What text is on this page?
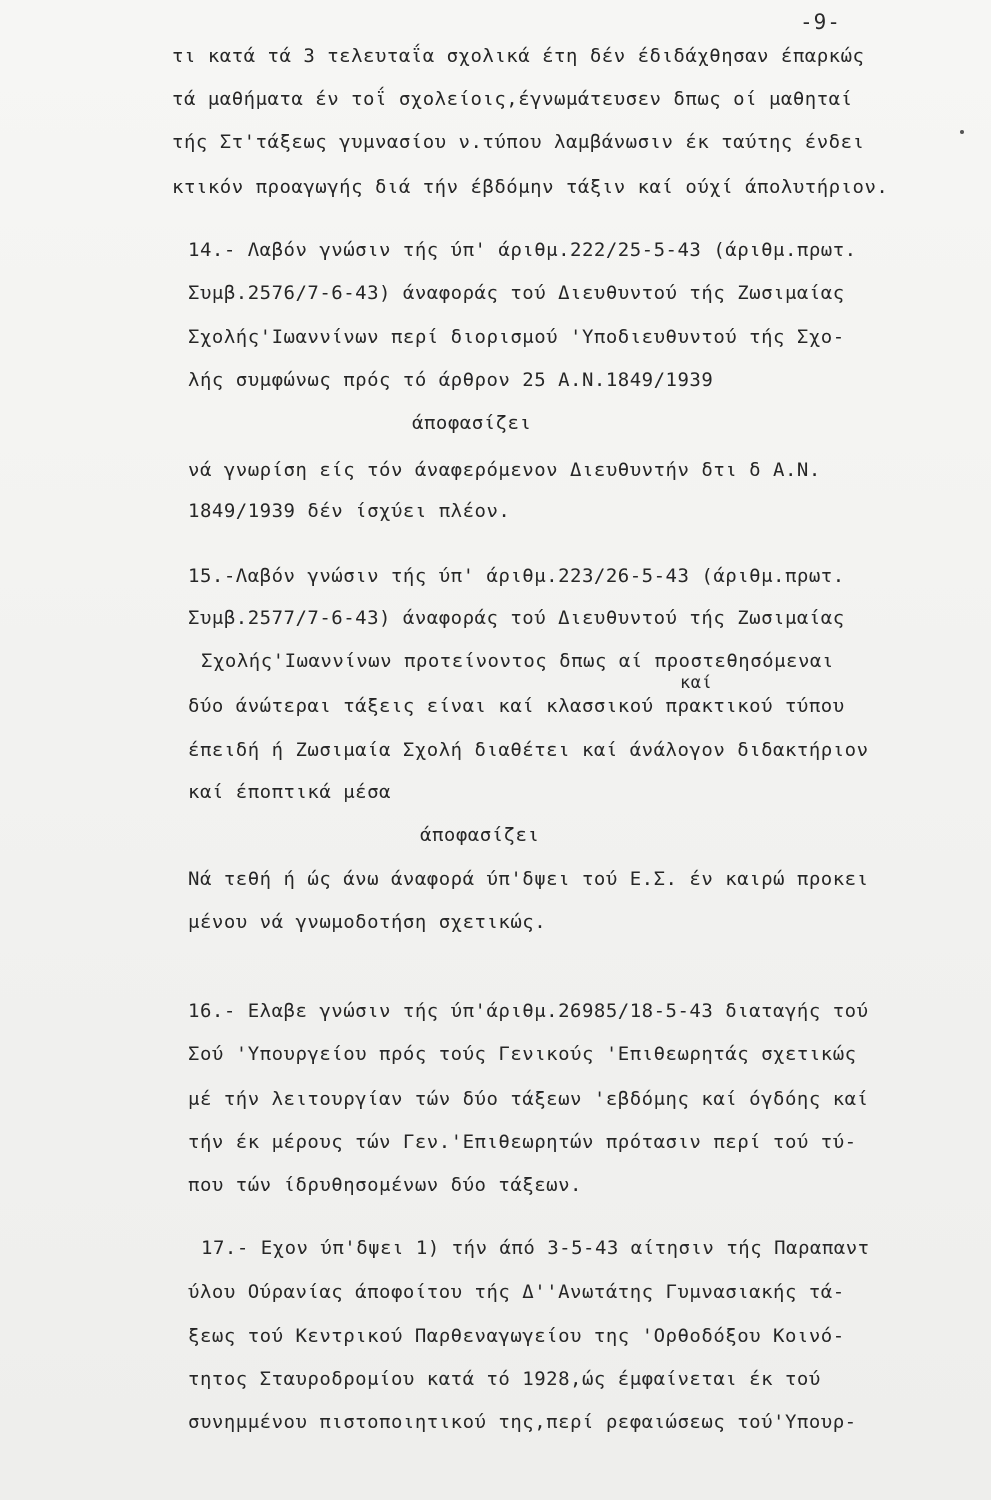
-9-
τι κατά τά 3 τελευταΐα σχολικά έτη δέν έδιδάχθησαν έπαρκώς
τά μαθήματα έν τοΐ σχολείοις,έγνωμάτευσεν δπως οί μαθηταί
τής Στ'τάξεως γυμνασίου ν.τύπου λαμβάνωσιν έκ ταύτης ένδει
κτικόν προαγωγής διά τήν έβδόμην τάξιν καί ούχί άπολυτήριον.
14.- Λαβόν γνώσιν τής ύπ' άριθμ.222/25-5-43 (άριθμ.πρωτ.
Συμβ.2576/7-6-43) άναφοράς τού Διευθυντού τής Ζωσιμαίας
Σχολής'Ιωαννίνων περί διορισμού 'Υποδιευθυντού τής Σχο-
λής συμφώνως πρός τό άρθρον 25 Α.Ν.1849/1939
άποφασίζει
νά γνωρίση είς τόν άναφερόμενον Διευθυντήν δτι δ Α.Ν.
1849/1939 δέν ίσχύει πλέον.
15.-Λαβόν γνώσιν τής ύπ' άριθμ.223/26-5-43 (άριθμ.πρωτ.
Συμβ.2577/7-6-43) άναφοράς τού Διευθυντού τής Ζωσιμαίας
Σχολής'Ιωαννίνων προτείνοντος δπως αί προστεθησόμεναι
καί
δύο άνώτεραι τάξεις είναι καί κλασσικού πρακτικού τύπου
έπειδή ή Ζωσιμαία Σχολή διαθέτει καί άνάλογον διδακτήριον
καί έποπτικά μέσα
άποφασίζει
Νά τεθή ή ώς άνω άναφορά ύπ'δψει τού Ε.Σ. έν καιρώ προκει
μένου νά γνωμοδοτήση σχετικώς.
16.- Ελαβε γνώσιν τής ύπ'άριθμ.26985/18-5-43 διαταγής τού
Σού 'Υπουργείου πρός τούς Γενικούς 'Επιθεωρητάς σχετικώς
μέ τήν λειτουργίαν τών δύο τάξεων 'εβδόμης καί όγδόης καί
τήν έκ μέρους τών Γεν.'Επιθεωρητών πρότασιν περί τού τύ-
που τών ίδρυθησομένων δύο τάξεων.
17.- Εχον ύπ'δψει 1) τήν άπό 3-5-43 αίτησιν τής Παραπαντ
ύλου Ούρανίας άποφοίτου τής Δ''Ανωτάτης Γυμνασιακής τά-
ξεως τού Κεντρικού Παρθεναγωγείου της 'Ορθοδόξου Κοινό-
τητος Σταυροδρομίου κατά τό 1928,ώς έμφαίνεται έκ τού
συνημμένου πιστοποιητικού της,περί ρεφαιώσεως τού'Υπουρ-
